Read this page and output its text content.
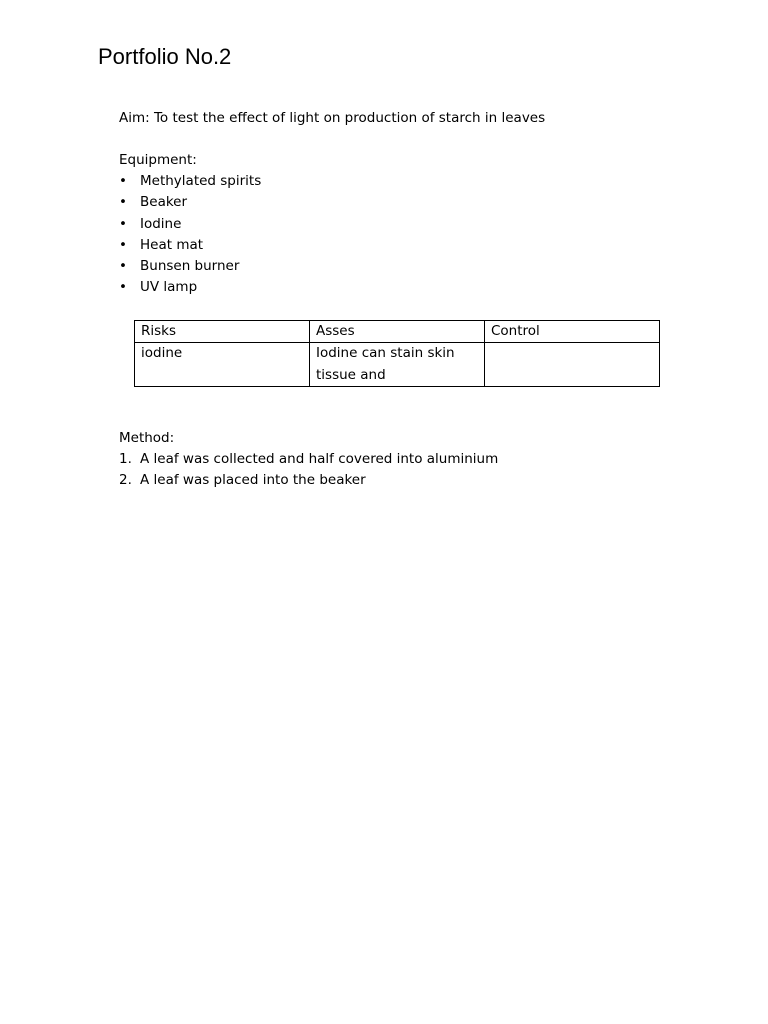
Portfolio No.2

Aim: To test the effect of light on production of starch in leaves

Equipment:

• Methylated spirits
• Beaker
• Iodine
• Heat mat
• Bunsen burner
• UV lamp
Risks	Asses	Control
iodine	Iodine can stain skin tissue and	

Method:

1. A leaf was collected and half covered into aluminium
2. A leaf was placed into the beaker
